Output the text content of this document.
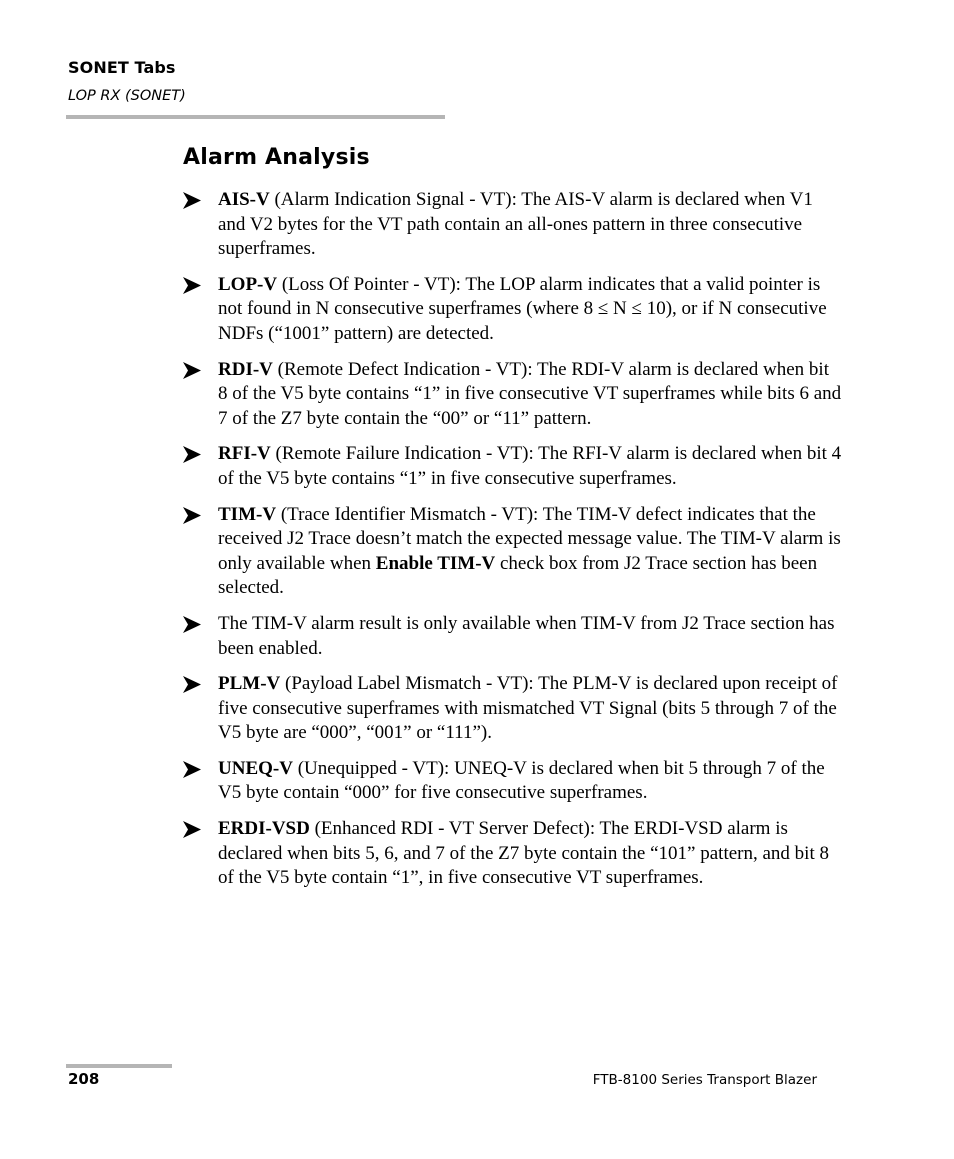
SONET Tabs
LOP RX (SONET)
Alarm Analysis
AIS-V (Alarm Indication Signal - VT): The AIS-V alarm is declared when V1 and V2 bytes for the VT path contain an all-ones pattern in three consecutive superframes.
LOP-V (Loss Of Pointer - VT): The LOP alarm indicates that a valid pointer is not found in N consecutive superframes (where 8 ≤ N ≤ 10), or if N consecutive NDFs (“1001” pattern) are detected.
RDI-V (Remote Defect Indication - VT): The RDI-V alarm is declared when bit 8 of the V5 byte contains “1” in five consecutive VT superframes while bits 6 and 7 of the Z7 byte contain the “00” or “11” pattern.
RFI-V (Remote Failure Indication - VT): The RFI-V alarm is declared when bit 4 of the V5 byte contains “1” in five consecutive superframes.
TIM-V (Trace Identifier Mismatch - VT): The TIM-V defect indicates that the received J2 Trace doesn’t match the expected message value. The TIM-V alarm is only available when Enable TIM-V check box from J2 Trace section has been selected.
The TIM-V alarm result is only available when TIM-V from J2 Trace section has been enabled.
PLM-V (Payload Label Mismatch - VT): The PLM-V is declared upon receipt of five consecutive superframes with mismatched VT Signal (bits 5 through 7 of the V5 byte are “000”, “001” or “111”).
UNEQ-V (Unequipped - VT): UNEQ-V is declared when bit 5 through 7 of the V5 byte contain “000” for five consecutive superframes.
ERDI-VSD (Enhanced RDI - VT Server Defect): The ERDI-VSD alarm is declared when bits 5, 6, and 7 of the Z7 byte contain the “101” pattern, and bit 8 of the V5 byte contain “1”, in five consecutive VT superframes.
208	FTB-8100 Series Transport Blazer
